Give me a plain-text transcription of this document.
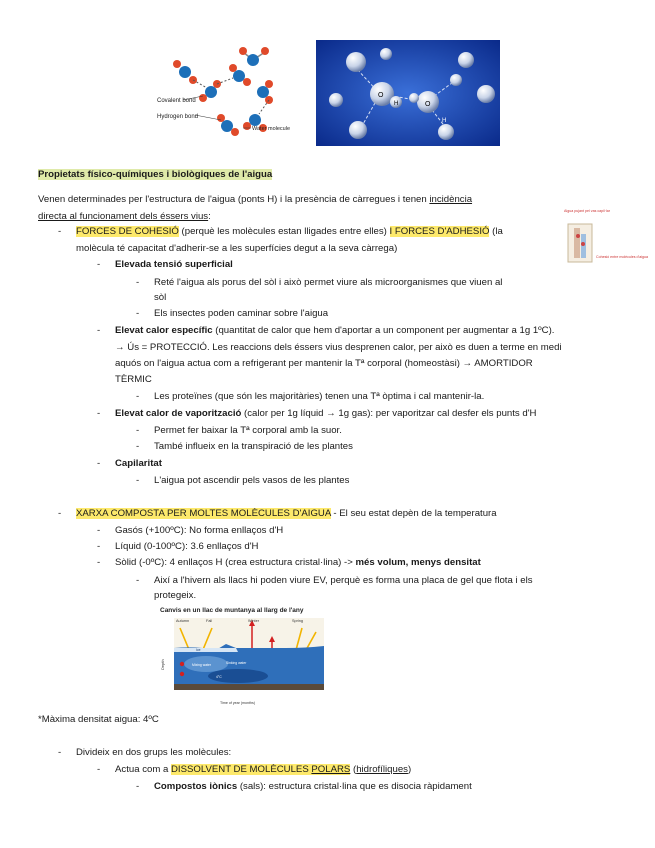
Covalent bond
Hydrogen bond
Water molecule
O
H	O
H
Propietats físico-químiques i biològiques de l'aigua
Venen determinades per l'estructura de l'aigua (ponts H) i la presència de càrregues i tenen incidència
directa al funcionament dels éssers vius:	Aigua pujant pel vas capil·lar
Cohesió entre molècules d'aigua
- FORCES DE COHESIÓ (perquè les molècules estan lligades entre elles) I FORCES D'ADHESIÓ (la
molècula té capacitat d'adherir-se a les superfícies degut a la seva càrrega)
- Elevada tensió superficial
- Reté l'aigua als porus del sòl i això permet viure als microorganismes que viuen al
sòl
- Els insectes poden caminar sobre l'aigua
- Elevat calor específic (quantitat de calor que hem d'aportar a un component per augmentar a 1g 1ºC).
→ Ús = PROTECCIÓ. Les reaccions dels éssers vius desprenen calor, per això es duen a terme en medi
aquós on l'aigua actua com a refrigerant per mantenir la Tª corporal (homeostàsi) → AMORTIDOR
TÈRMIC
- Les proteïnes (que són les majoritàries) tenen una Tª òptima i cal mantenir-la.
- Elevat calor de vaporització (calor per 1g líquid → 1g gas): per vaporitzar cal desfer els punts d'H
- Permet fer baixar la Tª corporal amb la suor.
- També influeix en la transpiració de les plantes
- Capilaritat
- L'aigua pot ascendir pels vasos de les plantes
- XARXA COMPOSTA PER MOLTES MOLÈCULES D'AIGUA - El seu estat depèn de la temperatura
- Gasós (+100ºC): No forma enllaços d'H
- Líquid (0-100ºC): 3.6 enllaços d'H
- Sòlid (-0ºC): 4 enllaços H (crea estructura cristal·lina) -> més volum, menys densitat
- Així a l'hivern als llacs hi poden viure EV, perquè es forma una placa de gel que flota i els
protegeix.
Canvis en un llac de muntanya al llarg de l'any
Autumn	Fall	Winter	Spring
Ice
Mixing water	Sinking water
4°C
Depth
Time of year (months)
*Màxima densitat aigua: 4ºC
- Divideix en dos grups les molècules:
- Actua com a DISSOLVENT DE MOLÈCULES POLARS (hidrofíliques)
- Compostos iònics (sals): estructura cristal·lina que es disocia ràpidament
